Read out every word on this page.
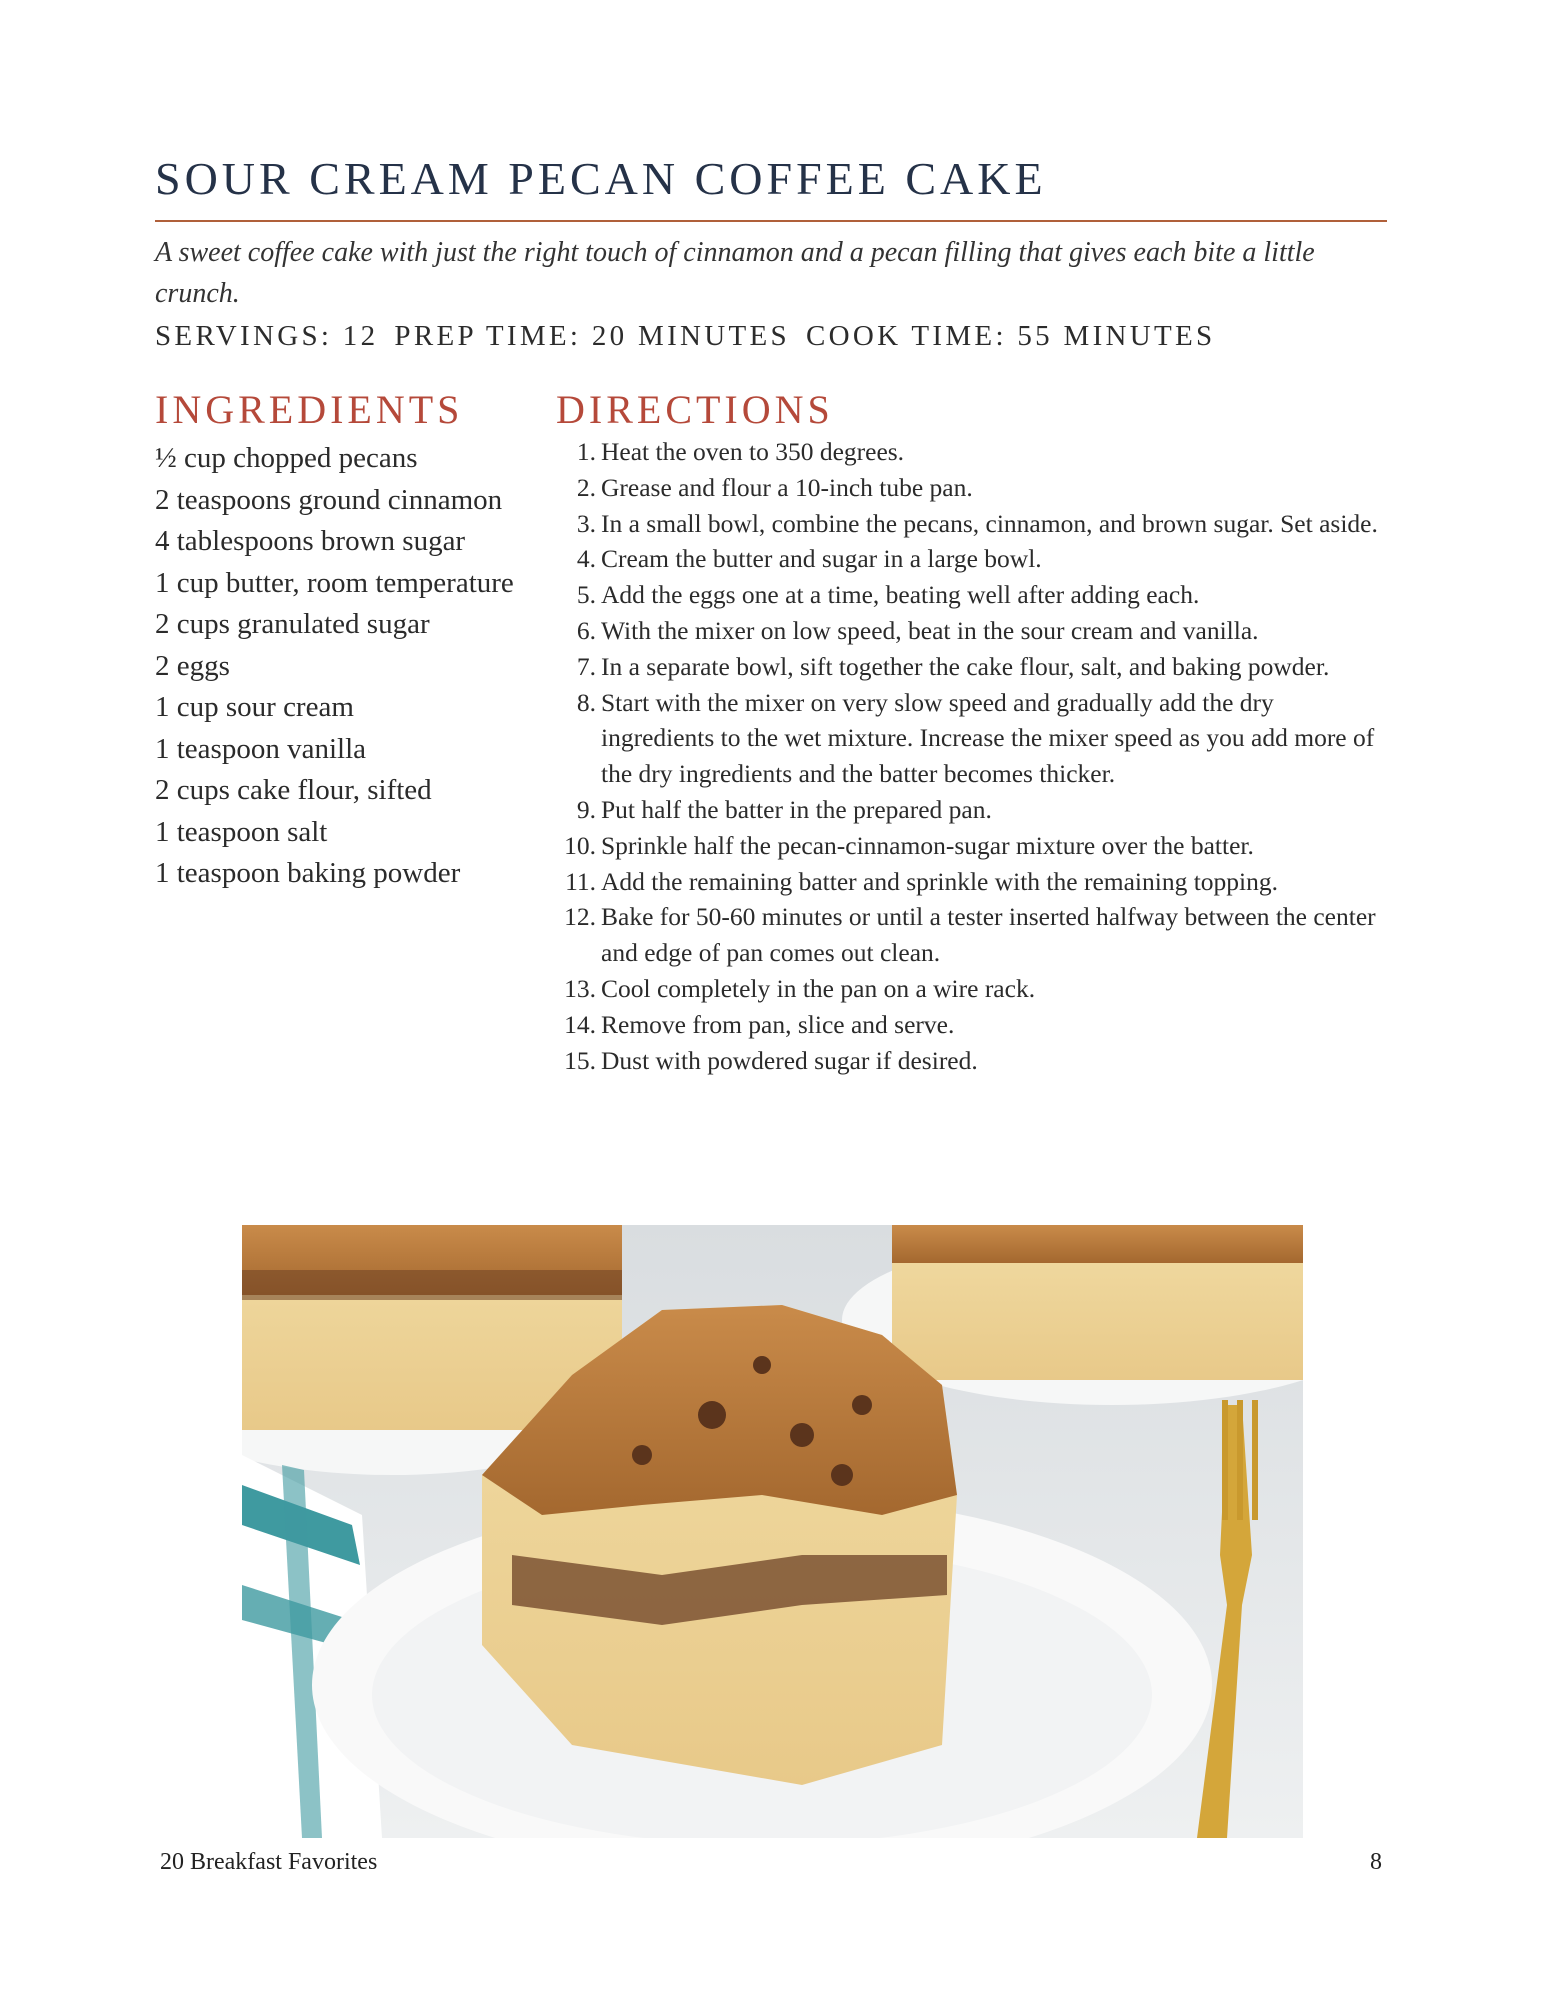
SOUR CREAM PECAN COFFEE CAKE

A sweet coffee cake with just the right touch of cinnamon and a pecan filling that gives each bite a little crunch.

SERVINGS: 12 PREP TIME: 20 MINUTES COOK TIME: 55 MINUTES

INGREDIENTS DIRECTIONS
½ cup chopped pecans
2 teaspoons ground cinnamon
4 tablespoons brown sugar
1 cup butter, room temperature
2 cups granulated sugar
2 eggs
1 cup sour cream
1 teaspoon vanilla
2 cups cake flour, sifted
1 teaspoon salt
1 teaspoon baking powder
1. Heat the oven to 350 degrees.
2. Grease and flour a 10-inch tube pan.
3. In a small bowl, combine the pecans, cinnamon, and brown sugar. Set aside.
4. Cream the butter and sugar in a large bowl.
5. Add the eggs one at a time, beating well after adding each.
6. With the mixer on low speed, beat in the sour cream and vanilla.
7. In a separate bowl, sift together the cake flour, salt, and baking powder.
8. Start with the mixer on very slow speed and gradually add the dry ingredients to the wet mixture. Increase the mixer speed as you add more of the dry ingredients and the batter becomes thicker.
9. Put half the batter in the prepared pan.
10. Sprinkle half the pecan-cinnamon-sugar mixture over the batter.
11. Add the remaining batter and sprinkle with the remaining topping.
12. Bake for 50-60 minutes or until a tester inserted halfway between the center and edge of pan comes out clean.
13. Cool completely in the pan on a wire rack.
14. Remove from pan, slice and serve.
15. Dust with powdered sugar if desired.
20 Breakfast Favorites	8
